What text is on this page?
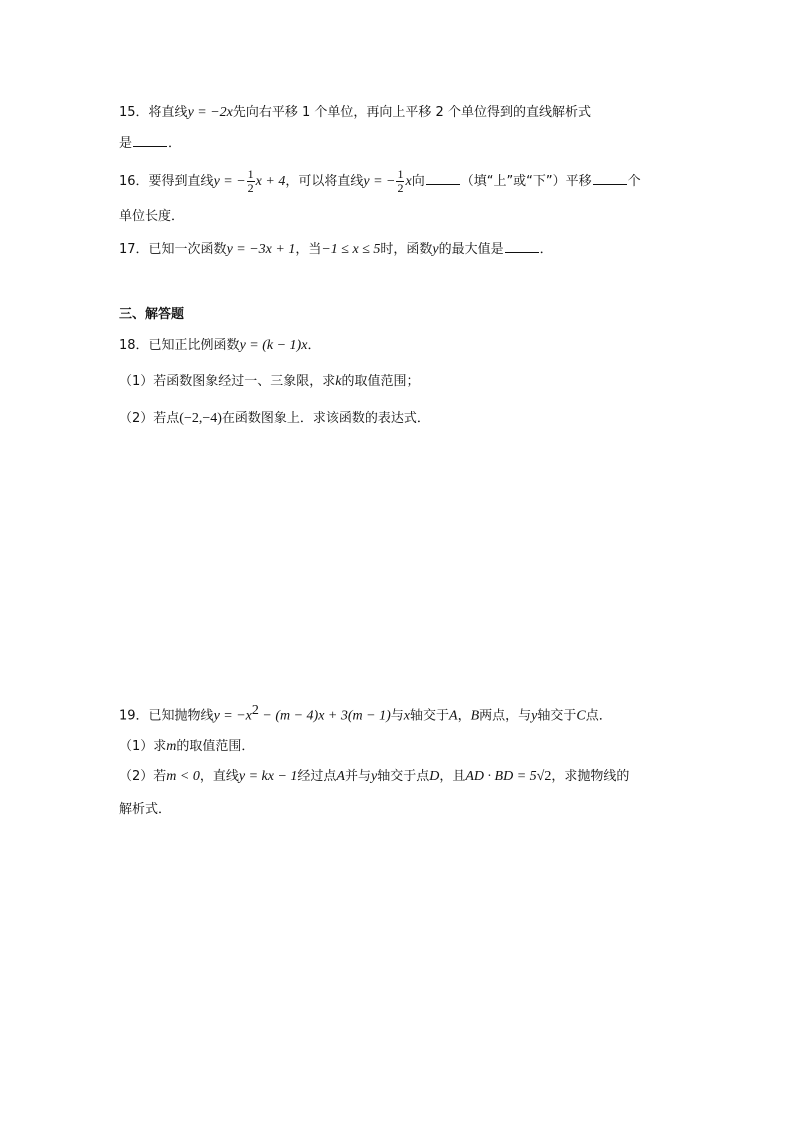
15．将直线y = −2x先向右平移 1 个单位，再向上平移 2 个单位得到的直线解析式
是	．
16．要得到直线y = − $\frac{1}{2}$ x + 4，可以将直线y = − $\frac{1}{2}$ x向	（填“上”或“下”）平移	个
单位长度．
17．已知一次函数y = −3x + 1，当−1 ≤ x ≤ 5时，函数y的最大值是	．
三、解答题
18．已知正比例函数y = (k − 1)x．
（1）若函数图象经过一、三象限，求k的取值范围；
（2）若点(−2,−4)在函数图象上．求该函数的表达式．
19．已知抛物线$y = -x^2 - (m - 4)x + 3(m - 1)$与x轴交于A，B两点，与y轴交于C点．
（1）求m的取值范围．
（2）若m < 0，直线y = kx − 1经过点A并与y轴交于点D，且AD · BD = 5√2，求抛物线的
解析式．
